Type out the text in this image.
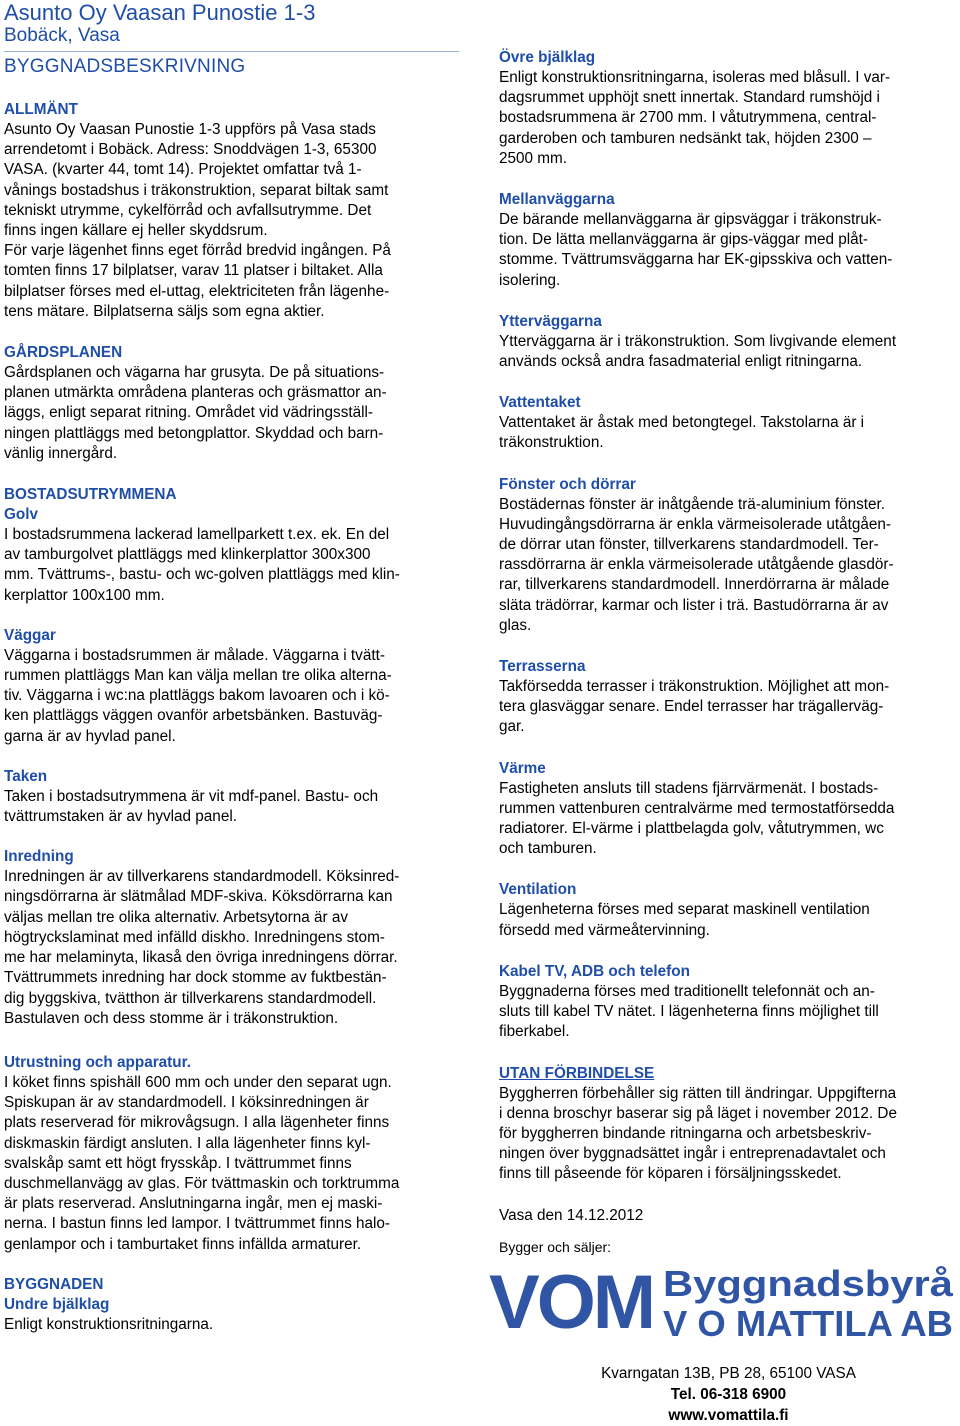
Asunto Oy Vaasan Punostie 1-3
Bobäck, Vasa
BYGGNADSBESKRIVNING
ALLMÄNT
Asunto Oy Vaasan Punostie 1-3 uppförs på Vasa stads
arrendetomt i Bobäck. Adress: Snoddvägen 1-3, 65300
VASA. (kvarter 44, tomt 14). Projektet omfattar två 1-
vånings bostadshus i träkonstruktion, separat biltak samt
tekniskt utrymme, cykelförråd och avfallsutrymme. Det
finns ingen källare ej heller skyddsrum.
För varje lägenhet finns eget förråd bredvid ingången. På
tomten finns 17 bilplatser, varav 11 platser i biltaket. Alla
bilplatser förses med el-uttag, elektriciteten från lägenhe-
tens mätare. Bilplatserna säljs som egna aktier.
GÅRDSPLANEN
Gårdsplanen och vägarna har grusyta. De på situations-
planen utmärkta områdena planteras och gräsmattor an-
läggs, enligt separat ritning. Området vid vädringsställ-
ningen plattläggs med betongplattor. Skyddad och barn-
vänlig innergård.
BOSTADSUTRYMMENA
Golv
I bostadsrummena lackerad lamellparkett t.ex. ek. En del
av tamburgolvet plattläggs med klinkerplattor 300x300
mm. Tvättrums-, bastu- och wc-golven plattläggs med klin-
kerplattor 100x100 mm.
Väggar
Väggarna i bostadsrummen är målade. Väggarna i tvätt-
rummen plattläggs Man kan välja mellan tre olika alterna-
tiv. Väggarna i wc:na plattläggs bakom lavoaren och i kö-
ken plattläggs väggen ovanför arbetsbänken. Bastuväg-
garna är av hyvlad panel.
Taken
Taken i bostadsutrymmena är vit mdf-panel. Bastu- och
tvättrumstaken är av hyvlad panel.
Inredning
Inredningen är av tillverkarens standardmodell. Köksinred-
ningsdörrarna är slätmålad MDF-skiva. Köksdörrarna kan
väljas mellan tre olika alternativ. Arbetsytorna är av
högtryckslaminat med infälld diskho. Inredningens stom-
me har melaminyta, likaså den övriga inredningens dörrar.
Tvättrummets inredning har dock stomme av fuktbestän-
dig byggskiva, tvätthon är tillverkarens standardmodell.
Bastulaven och dess stomme är i träkonstruktion.
Utrustning och apparatur.
I köket finns spishäll 600 mm och under den separat ugn.
Spiskupan är av standardmodell. I köksinredningen är
plats reserverad för mikrovågsugn. I alla lägenheter finns
diskmaskin färdigt ansluten. I alla lägenheter finns kyl-
svalskåp samt ett högt frysskåp. I tvättrummet finns
duschmellanvägg av glas. För tvättmaskin och torktrumma
är plats reserverad. Anslutningarna ingår, men ej maski-
nerna. I bastun finns led lampor. I tvättrummet finns halo-
genlampor och i tamburtaket finns infällda armaturer.
BYGGNADEN
Undre bjälklag
Enligt konstruktionsritningarna.
Övre bjälklag
Enligt konstruktionsritningarna, isoleras med blåsull. I var-
dagsrummet upphöjt snett innertak. Standard rumshöjd i
bostadsrummena är 2700 mm. I våtutrymmena, central-
garderoben och tamburen nedsänkt tak, höjden 2300 –
2500 mm.
Mellanväggarna
De bärande mellanväggarna är gipsväggar i träkonstruk-
tion. De lätta mellanväggarna är gips-väggar med plåt-
stomme. Tvättrumsväggarna har EK-gipsskiva och vatten-
isolering.
Ytterväggarna
Ytterväggarna är i träkonstruktion. Som livgivande element
används också andra fasadmaterial enligt ritningarna.
Vattentaket
Vattentaket är åstak med betongtegel. Takstolarna är i
träkonstruktion.
Fönster och dörrar
Bostädernas fönster är inåtgående trä-aluminium fönster.
Huvudingångsdörrarna är enkla värmeisolerade utåtgåen-
de dörrar utan fönster, tillverkarens standardmodell. Ter-
rassdörrarna är enkla värmeisolerade utåtgående glasdör-
rar, tillverkarens standardmodell. Innerdörrarna är målade
släta trädörrar, karmar och lister i trä. Bastudörrarna är av
glas.
Terrasserna
Takförsedda terrasser i träkonstruktion. Möjlighet att mon-
tera glasväggar senare. Endel terrasser har trägallerväg-
gar.
Värme
Fastigheten ansluts till stadens fjärrvärmenät. I bostads-
rummen vattenburen centralvärme med termostatförsedda
radiatorer. El-värme i plattbelagda golv, våtutrymmen, wc
och tamburen.
Ventilation
Lägenheterna förses med separat maskinell ventilation
försedd med värmeåtervinning.
Kabel TV, ADB och telefon
Byggnaderna förses med traditionellt telefonnät och an-
sluts till kabel TV nätet. I lägenheterna finns möjlighet till
fiberkabel.
UTAN FÖRBINDELSE
Byggherren förbehåller sig rätten till ändringar. Uppgifterna
i denna broschyr baserar sig på läget i november 2012. De
för byggherren bindande ritningarna och arbetsbeskriv-
ningen över byggnadsättet ingår i entreprenadavtalet och
finns till påseende för köparen i försäljningsskedet.
Vasa den 14.12.2012
Bygger och säljer:
VOM Byggnadsbyrå
V O MATTILA AB
Kvarngatan 13B, PB 28, 65100 VASA
Tel. 06-318 6900
www.vomattila.fi
